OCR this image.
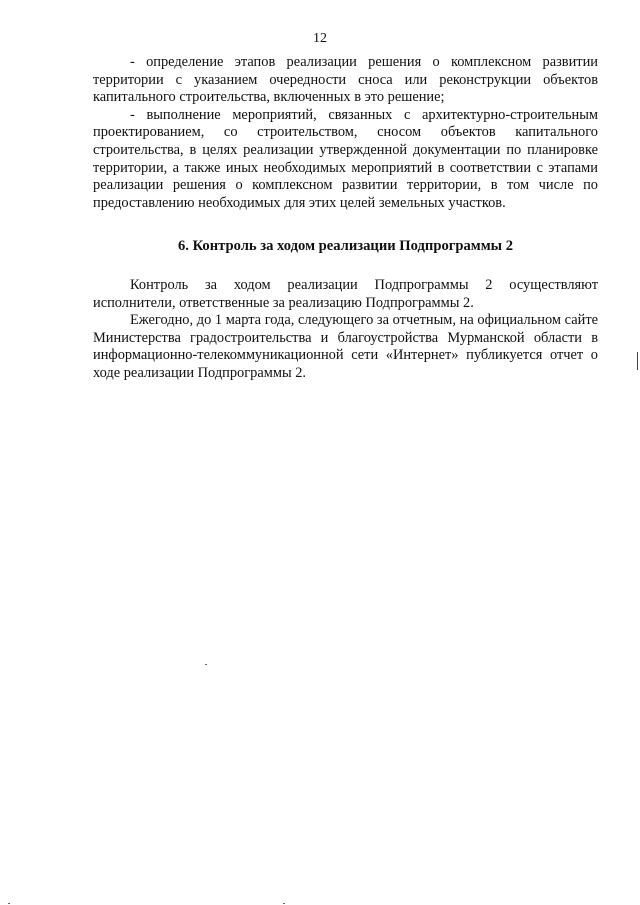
12

- определение этапов реализации решения о комплексном развитии территории с указанием очередности сноса или реконструкции объектов капитального строительства, включенных в это решение;

- выполнение мероприятий, связанных с архитектурно-строительным проектированием, со строительством, сносом объектов капитального строительства, в целях реализации утвержденной документации по планировке территории, а также иных необходимых мероприятий в соответствии с этапами реализации решения о комплексном развитии территории, в том числе по предоставлению необходимых для этих целей земельных участков.

6. Контроль за ходом реализации Подпрограммы 2

Контроль за ходом реализации Подпрограммы 2 осуществляют исполнители, ответственные за реализацию Подпрограммы 2.

Ежегодно, до 1 марта года, следующего за отчетным, на официальном сайте Министерства градостроительства и благоустройства Мурманской области в информационно-телекоммуникационной сети «Интернет» публикуется отчет о ходе реализации Подпрограммы 2.
